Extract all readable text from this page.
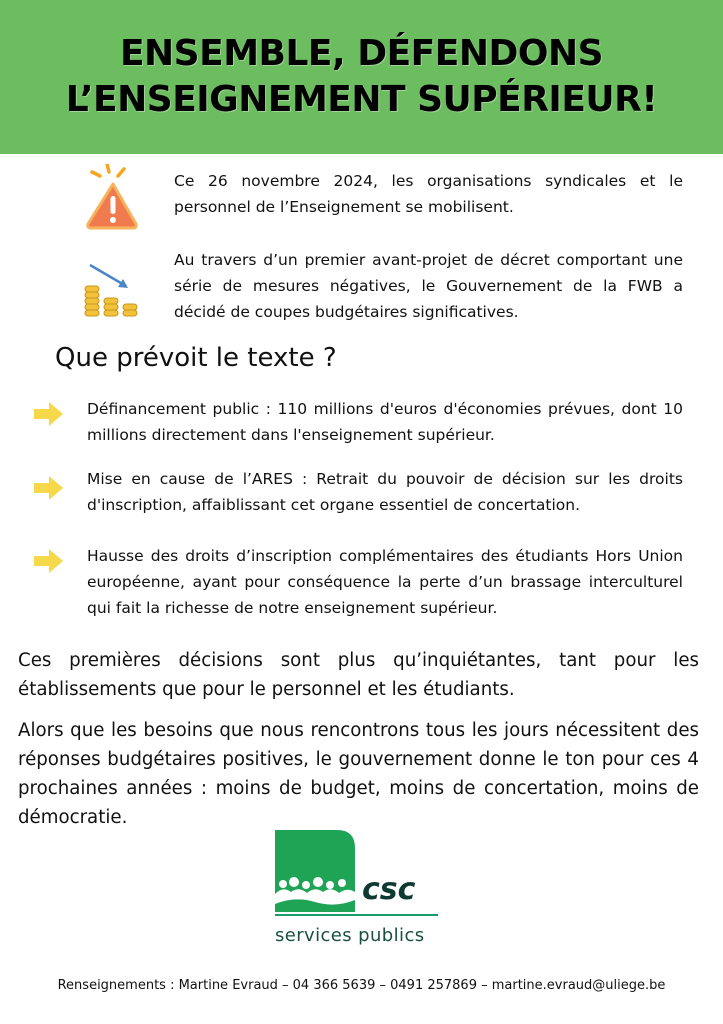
ENSEMBLE, DÉFENDONS
L’ENSEIGNEMENT SUPÉRIEUR!

Ce 26 novembre 2024, les organisations syndicales et le personnel de l’Enseignement se mobilisent.

Au travers d’un premier avant-projet de décret comportant une série de mesures négatives, le Gouvernement de la FWB a décidé de coupes budgétaires significatives.

Que prévoit le texte ?

Définancement public : 110 millions d'euros d'économies prévues, dont 10 millions directement dans l'enseignement supérieur.

Mise en cause de l’ARES : Retrait du pouvoir de décision sur les droits d'inscription, affaiblissant cet organe essentiel de concertation.

Hausse des droits d’inscription complémentaires des étudiants Hors Union européenne, ayant pour conséquence la perte d’un brassage interculturel qui fait la richesse de notre enseignement supérieur.

Ces premières décisions sont plus qu’inquiétantes, tant pour les établissements que pour le personnel et les étudiants.

Alors que les besoins que nous rencontrons tous les jours nécessitent des réponses budgétaires positives, le gouvernement donne le ton pour ces 4 prochaines années : moins de budget, moins de concertation, moins de démocratie.

csc
services publics
Renseignements : Martine Evraud – 04 366 5639 – 0491 257869 – martine.evraud@uliege.be
